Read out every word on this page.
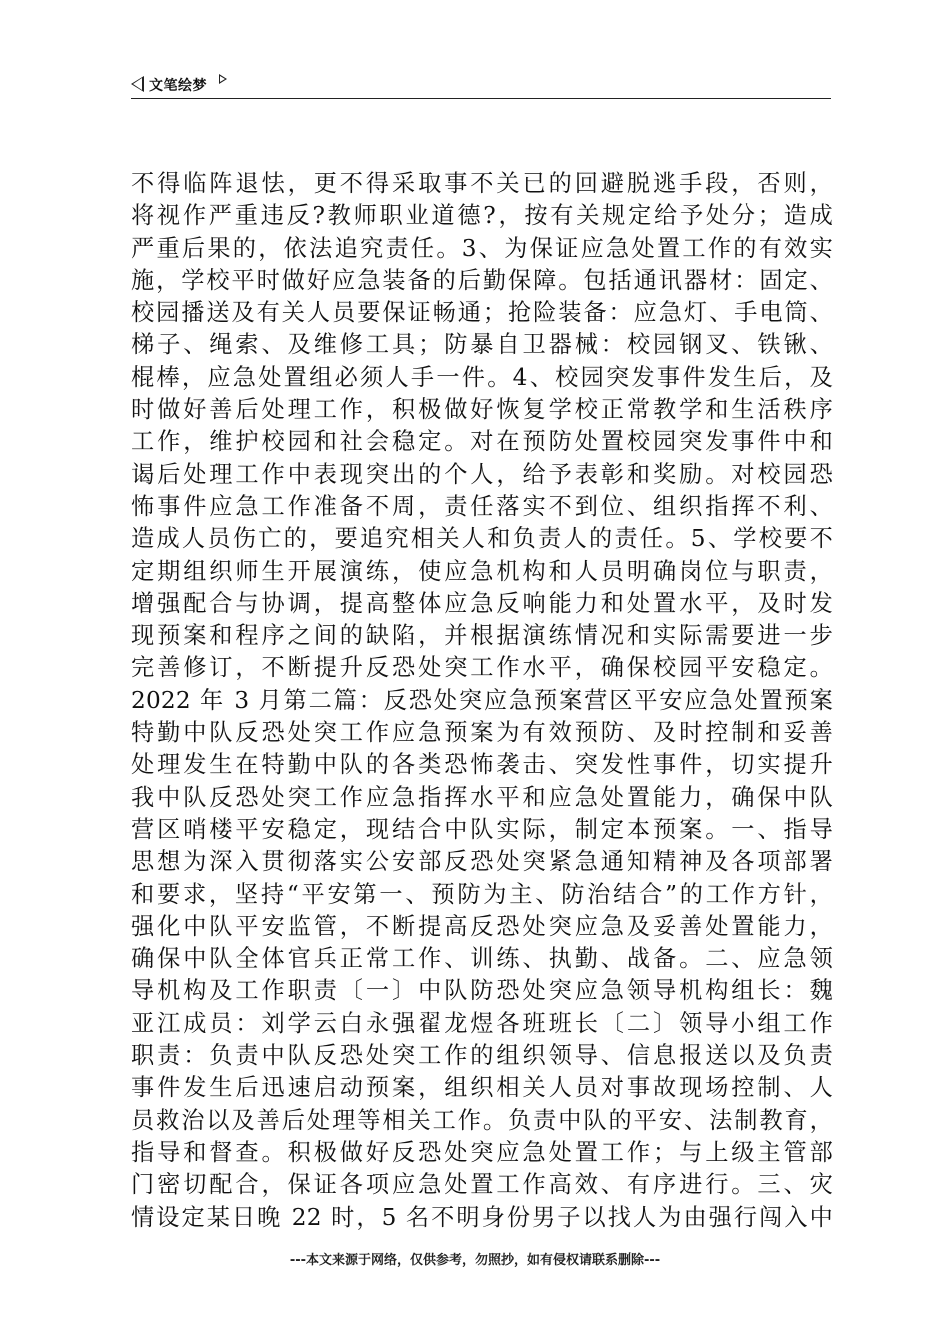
文笔绘梦
不得临阵退怯，更不得采取事不关已的回避脱逃手段，否则，
将视作严重违反?教师职业道德?，按有关规定给予处分；造成
严重后果的，依法追究责任。3、为保证应急处置工作的有效实
施，学校平时做好应急装备的后勤保障。包括通讯器材：固定、
校园播送及有关人员要保证畅通；抢险装备：应急灯、手电筒、
梯子、绳索、及维修工具；防暴自卫器械：校园钢叉、铁锹、
棍棒，应急处置组必须人手一件。4、校园突发事件发生后，及
时做好善后处理工作，积极做好恢复学校正常教学和生活秩序
工作，维护校园和社会稳定。对在预防处置校园突发事件中和
谒后处理工作中表现突出的个人，给予表彰和奖励。对校园恐
怖事件应急工作准备不周，责任落实不到位、组织指挥不利、
造成人员伤亡的，要追究相关人和负责人的责任。5、学校要不
定期组织师生开展演练，使应急机构和人员明确岗位与职责，
增强配合与协调，提高整体应急反响能力和处置水平，及时发
现预案和程序之间的缺陷，并根据演练情况和实际需要进一步
完善修订，不断提升反恐处突工作水平，确保校园平安稳定。
2022 年 3 月第二篇：反恐处突应急预案营区平安应急处置预案
特勤中队反恐处突工作应急预案为有效预防、及时控制和妥善
处理发生在特勤中队的各类恐怖袭击、突发性事件，切实提升
我中队反恐处突工作应急指挥水平和应急处置能力，确保中队
营区哨楼平安稳定，现结合中队实际，制定本预案。一、指导
思想为深入贯彻落实公安部反恐处突紧急通知精神及各项部署
和要求，坚持“平安第一、预防为主、防治结合”的工作方针，
强化中队平安监管，不断提高反恐处突应急及妥善处置能力，
确保中队全体官兵正常工作、训练、执勤、战备。二、应急领
导机构及工作职责〔一〕中队防恐处突应急领导机构组长：魏
亚江成员：刘学云白永强翟龙煜各班班长〔二〕领导小组工作
职责：负责中队反恐处突工作的组织领导、信息报送以及负责
事件发生后迅速启动预案，组织相关人员对事故现场控制、人
员救治以及善后处理等相关工作。负责中队的平安、法制教育，
指导和督查。积极做好反恐处突应急处置工作；与上级主管部
门密切配合，保证各项应急处置工作高效、有序进行。三、灾
情设定某日晚 22 时，5 名不明身份男子以找人为由强行闯入中
---本文来源于网络，仅供参考，勿照抄，如有侵权请联系删除---
